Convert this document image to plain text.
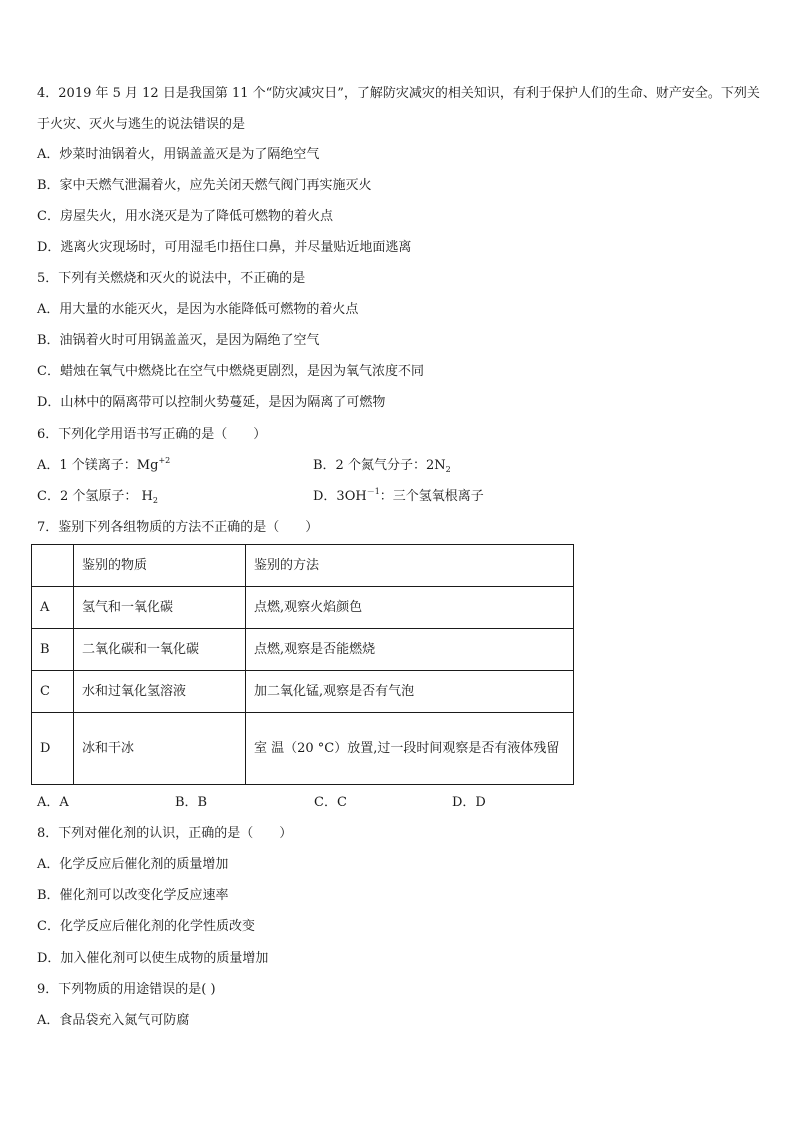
4．2019 年 5 月 12 日是我国第 11 个“防灾减灾日”，了解防灾减灾的相关知识，有利于保护人们的生命、财产安全。下列关于火灾、灭火与逃生的说法错误的是
A．炒菜时油锅着火，用锅盖盖灭是为了隔绝空气
B．家中天燃气泄漏着火，应先关闭天燃气阀门再实施灭火
C．房屋失火，用水浇灭是为了降低可燃物的着火点
D．逃离火灾现场时，可用湿毛巾捂住口鼻，并尽量贴近地面逃离
5．下列有关燃烧和灭火的说法中，不正确的是
A．用大量的水能灭火，是因为水能降低可燃物的着火点
B．油锅着火时可用锅盖盖灭，是因为隔绝了空气
C．蜡烛在氧气中燃烧比在空气中燃烧更剧烈，是因为氧气浓度不同
D．山林中的隔离带可以控制火势蔓延，是因为隔离了可燃物
6．下列化学用语书写正确的是（　　）
A．1 个镁离子：$Mg^{+2}$	B．2 个氮气分子：$2N_2$
C．2 个氢原子： $H_2$	D．$3OH^{-1}$：三个氢氧根离子
7．鉴别下列各组物质的方法不正确的是（　　）
	鉴别的物质	鉴别的方法
A	氢气和一氧化碳	点燃,观察火焰颜色
B	二氧化碳和一氧化碳	点燃,观察是否能燃烧
C	水和过氧化氢溶液	加二氧化锰,观察是否有气泡
D	冰和干冰	室 温（20 °C）放置,过一段时间观察是否有液体残留
A．A	B．B	C．C	D．D
8．下列对催化剂的认识，正确的是（　　）
A．化学反应后催化剂的质量增加
B．催化剂可以改变化学反应速率
C．化学反应后催化剂的化学性质改变
D．加入催化剂可以使生成物的质量增加
9．下列物质的用途错误的是( )
A．食品袋充入氮气可防腐
